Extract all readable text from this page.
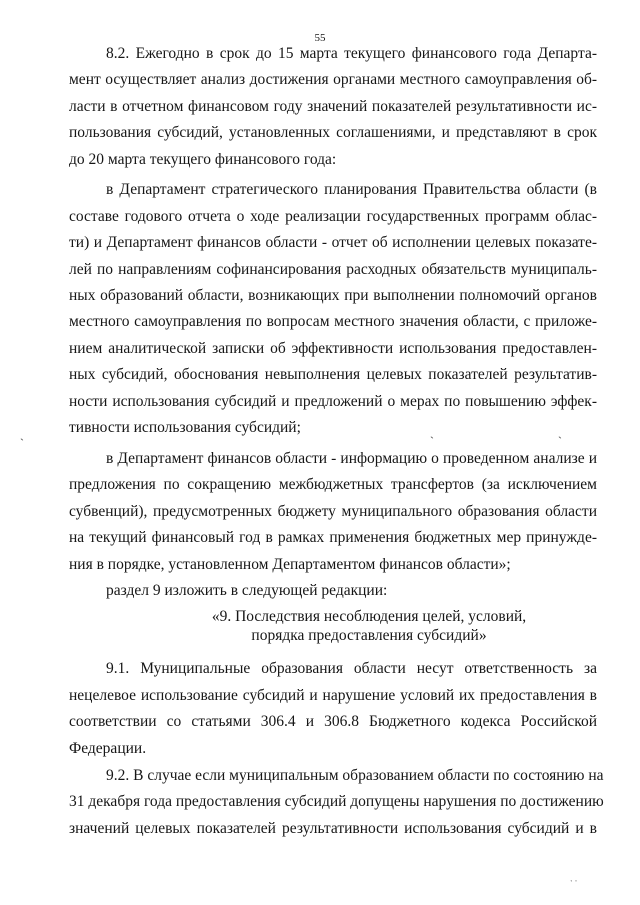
55
8.2. Ежегодно в срок до 15 марта текущего финансового года Департа-
мент осуществляет анализ достижения органами местного самоуправления об-
ласти в отчетном финансовом году значений показателей результативности ис-
пользования субсидий, установленных соглашениями, и представляют в срок
до 20 марта текущего финансового года:
в Департамент стратегического планирования Правительства области (в
составе годового отчета о ходе реализации государственных программ облас-
ти) и Департамент финансов области - отчет об исполнении целевых показате-
лей по направлениям софинансирования расходных обязательств муниципаль-
ных образований области, возникающих при выполнении полномочий органов
местного самоуправления по вопросам местного значения области, с приложе-
нием аналитической записки об эффективности использования предоставлен-
ных субсидий, обоснования невыполнения целевых показателей результатив-
ности использования субсидий и предложений о мерах по повышению эффек-
тивности использования субсидий;
в Департамент финансов области - информацию о проведенном анализе и
предложения по сокращению межбюджетных трансфертов (за исключением
субвенций), предусмотренных бюджету муниципального образования области
на текущий финансовый год в рамках применения бюджетных мер принужде-
ния в порядке, установленном Департаментом финансов области»;
раздел 9 изложить в следующей редакции:
«9. Последствия несоблюдения целей, условий,
порядка предоставления субсидий»
9.1. Муниципальные образования области несут ответственность за
нецелевое использование субсидий и нарушение условий их предоставления в
соответствии со статьями 306.4 и 306.8 Бюджетного кодекса Российской
Федерации.
9.2. В случае если муниципальным образованием области по состоянию на
31 декабря года предоставления субсидий допущены нарушения по достижению
значений целевых показателей результативности использования субсидий и в
ˏ	ˏ	ˏ
ˑ ˑ
